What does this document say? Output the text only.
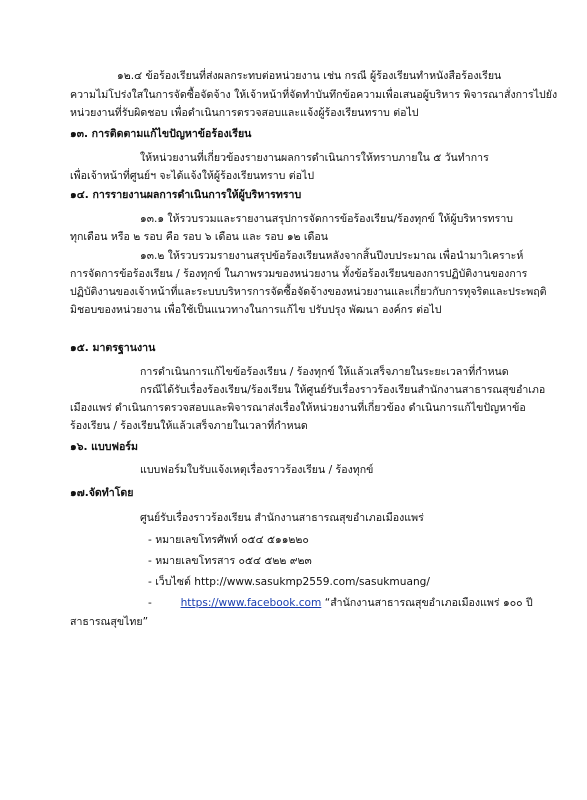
๑๒.๔ ข้อร้องเรียนที่ส่งผลกระทบต่อหน่วยงาน เช่น กรณี ผู้ร้องเรียนทำหนังสือร้องเรียน
ความไม่โปร่งใสในการจัดซื้อจัดจ้าง ให้เจ้าหน้าที่จัดทำบันทึกข้อความเพื่อเสนอผู้บริหาร พิจารณาสั่งการไปยัง
หน่วยงานที่รับผิดชอบ เพื่อดำเนินการตรวจสอบและแจ้งผู้ร้องเรียนทราบ ต่อไป
๑๓. การติดตามแก้ไขปัญหาข้อร้องเรียน
ให้หน่วยงานที่เกี่ยวข้องรายงานผลการดำเนินการให้ทราบภายใน ๕ วันทำการ
เพื่อเจ้าหน้าที่ศูนย์ฯ จะได้แจ้งให้ผู้ร้องเรียนทราบ ต่อไป
๑๔. การรายงานผลการดำเนินการให้ผู้บริหารทราบ
๑๓.๑ ให้รวบรวมและรายงานสรุปการจัดการข้อร้องเรียน/ร้องทุกข์ ให้ผู้บริหารทราบ
ทุกเดือน หรือ ๒ รอบ คือ รอบ ๖ เดือน และ รอบ ๑๒ เดือน
๑๓.๒ ให้รวบรวมรายงานสรุปข้อร้องเรียนหลังจากสิ้นปีงบประมาณ เพื่อนำมาวิเคราะห์
การจัดการข้อร้องเรียน / ร้องทุกข์ ในภาพรวมของหน่วยงาน ทั้งข้อร้องเรียนของการปฏิบัติงานของการ
ปฏิบัติงานของเจ้าหน้าที่และระบบบริหารการจัดซื้อจัดจ้างของหน่วยงานและเกี่ยวกับการทุจริตและประพฤติ
มิชอบของหน่วยงาน เพื่อใช้เป็นแนวทางในการแก้ไข ปรับปรุง พัฒนา องค์กร ต่อไป
๑๕. มาตรฐานงาน
การดำเนินการแก้ไขข้อร้องเรียน / ร้องทุกข์ ให้แล้วเสร็จภายในระยะเวลาที่กำหนด
กรณีได้รับเรื่องร้องเรียน/ร้องเรียน ให้ศูนย์รับเรื่องราวร้องเรียนสำนักงานสาธารณสุขอำเภอ
เมืองแพร่ ดำเนินการตรวจสอบและพิจารณาส่งเรื่องให้หน่วยงานที่เกี่ยวข้อง ดำเนินการแก้ไขปัญหาข้อ
ร้องเรียน / ร้องเรียนให้แล้วเสร็จภายในเวลาที่กำหนด
๑๖. แบบฟอร์ม
แบบฟอร์มใบรับแจ้งเหตุเรื่องราวร้องเรียน / ร้องทุกข์
๑๗.จัดทำโดย
ศูนย์รับเรื่องราวร้องเรียน สำนักงานสาธารณสุขอำเภอเมืองแพร่
- หมายเลขโทรศัพท์ ๐๕๔ ๕๑๑๒๒๐
- หมายเลขโทรสาร ๐๕๔ ๕๒๒ ๙๒๓
- เว็บไซต์ http://www.sasukmp2559.com/sasukmuang/
-	https://www.facebook.com “สำนักงานสาธารณสุขอำเภอเมืองแพร่ ๑๐๐ ปี
สาธารณสุขไทย”
